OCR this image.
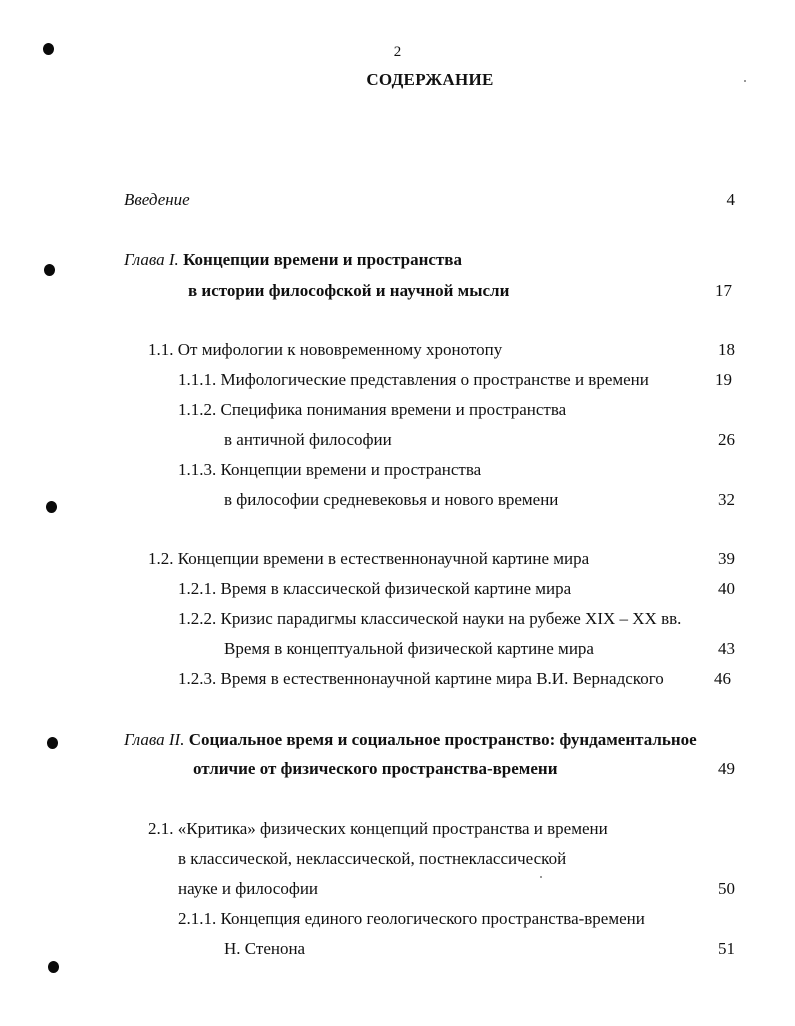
2
СОДЕРЖАНИЕ
Введение	4
Глава I. Концепции времени и пространства
в истории философской и научной мысли	17
1.1. От мифологии к нововременному хронотопу	18
1.1.1. Мифологические представления о пространстве и времени	19
1.1.2. Специфика понимания времени и пространства
в античной философии	26
1.1.3. Концепции времени и пространства
в философии средневековья и нового времени	32
1.2. Концепции времени в естественнонаучной картине мира	39
1.2.1. Время в классической физической картине мира	40
1.2.2. Кризис парадигмы классической науки на рубеже XIX – XX вв.
Время в концептуальной физической картине мира	43
1.2.3. Время в естественнонаучной картине мира В.И. Вернадского	46
Глава II. Социальное время и социальное пространство: фундаментальное
отличие от физического пространства-времени	49
2.1. «Критика» физических концепций пространства и времени
в классической, неклассической, постнеклассической
науке и философии	50
2.1.1. Концепция единого геологического пространства-времени
Н. Стенона	51
